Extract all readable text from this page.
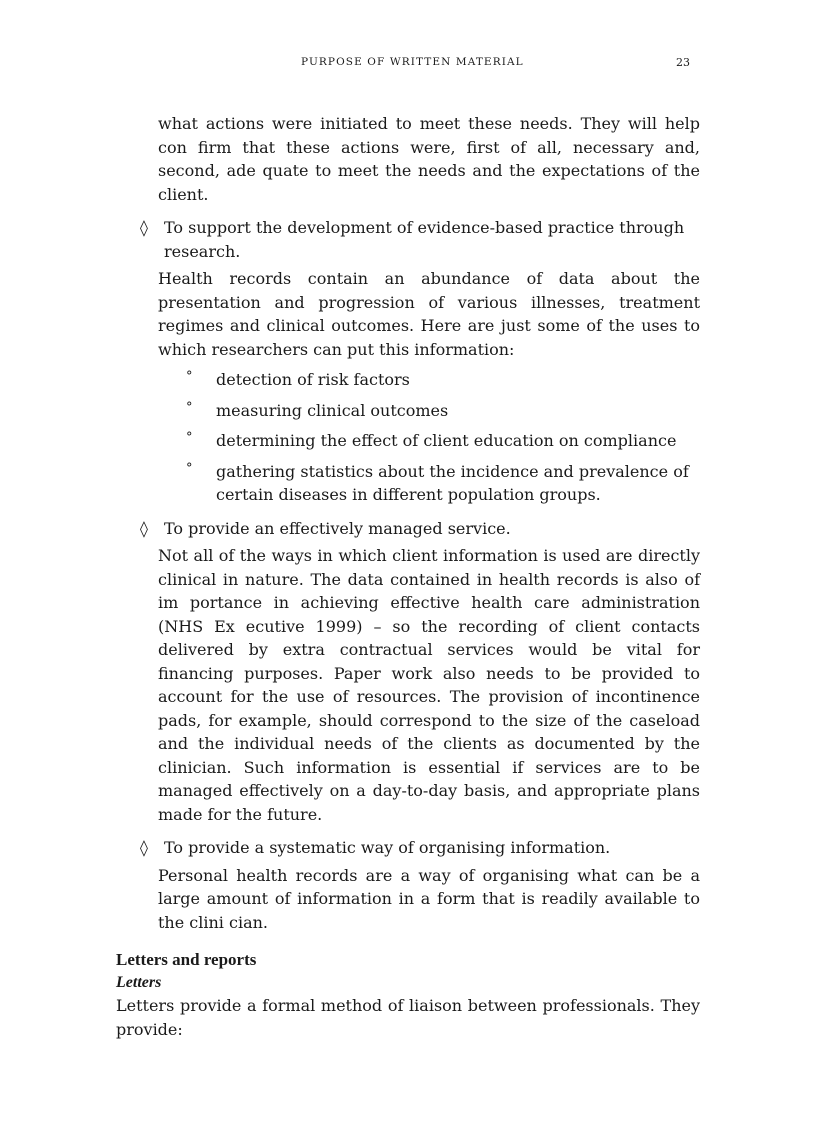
PURPOSE OF WRITTEN MATERIAL	23

what actions were initiated to meet these needs. They will help con firm that these actions were, first of all, necessary and, second, ade quate to meet the needs and the expectations of the client.

◊ To support the development of evidence-based practice through research.

Health records contain an abundance of data about the presentation and progression of various illnesses, treatment regimes and clinical outcomes. Here are just some of the uses to which researchers can put this information:

° detection of risk factors
° measuring clinical outcomes
° determining the effect of client education on compliance
° gathering statistics about the incidence and prevalence of certain diseases in different population groups.
◊ To provide an effectively managed service.

Not all of the ways in which client information is used are directly clinical in nature. The data contained in health records is also of im portance in achieving effective health care administration (NHS Ex ecutive 1999) – so the recording of client contacts delivered by extra contractual services would be vital for financing purposes. Paper work also needs to be provided to account for the use of resources. The provision of incontinence pads, for example, should correspond to the size of the caseload and the individual needs of the clients as documented by the clinician. Such information is essential if services are to be managed effectively on a day-to-day basis, and appropriate plans made for the future.

◊ To provide a systematic way of organising information.

Personal health records are a way of organising what can be a large amount of information in a form that is readily available to the clini cian.

Letters and reports
Letters

Letters provide a formal method of liaison between professionals. They provide:
